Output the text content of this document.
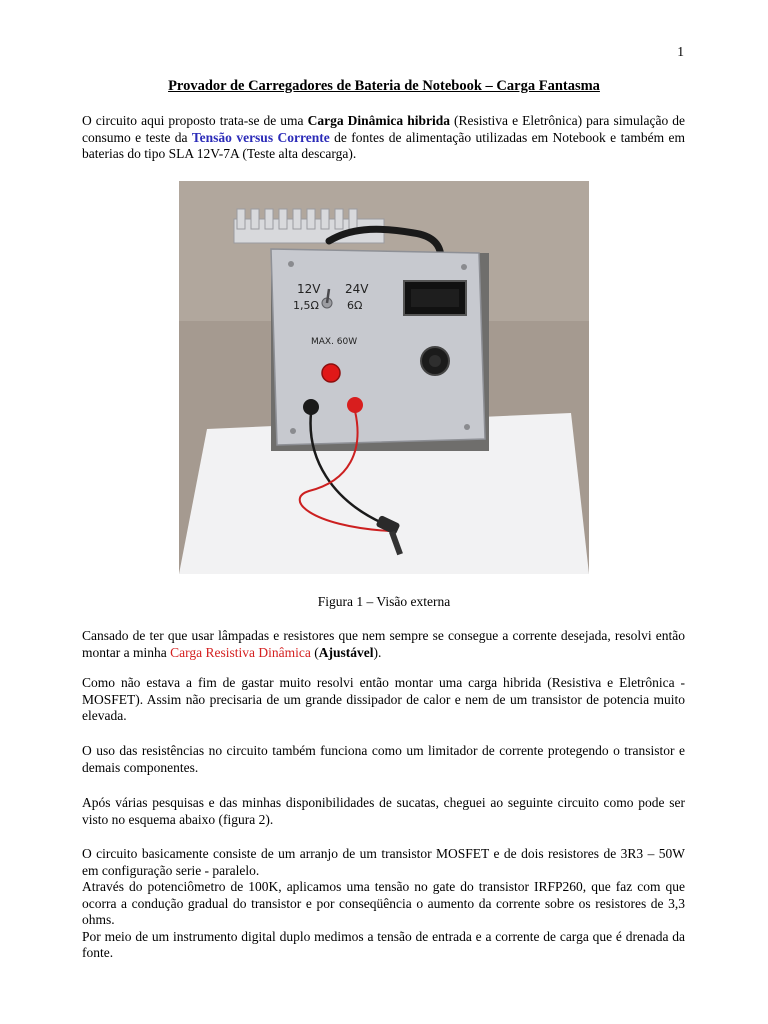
1
Provador de Carregadores de Bateria de Notebook – Carga Fantasma

O circuito aqui proposto trata-se de uma Carga Dinâmica hibrida (Resistiva e Eletrônica) para simulação de consumo e teste da Tensão versus Corrente de fontes de alimentação utilizadas em Notebook e também em baterias do tipo SLA 12V-7A (Teste alta descarga).

12V 24V
1,5Ω	6Ω
MAX. 60W
Figura 1 – Visão externa

Cansado de ter que usar lâmpadas e resistores que nem sempre se consegue a corrente desejada, resolvi então montar a minha Carga Resistiva Dinâmica (Ajustável).

Como não estava a fim de gastar muito resolvi então montar uma carga hibrida (Resistiva e Eletrônica - MOSFET). Assim não precisaria de um grande dissipador de calor e nem de um transistor de potencia muito elevada.

O uso das resistências no circuito também funciona como um limitador de corrente protegendo o transistor e demais componentes.

Após várias pesquisas e das minhas disponibilidades de sucatas, cheguei ao seguinte circuito como pode ser visto no esquema abaixo (figura 2).

O circuito basicamente consiste de um arranjo de um transistor MOSFET e de dois resistores de 3R3 – 50W em configuração serie - paralelo.
Através do potenciômetro de 100K, aplicamos uma tensão no gate do transistor IRFP260, que faz com que ocorra a condução gradual do transistor e por conseqüência o aumento da corrente sobre os resistores de 3,3 ohms.
Por meio de um instrumento digital duplo medimos a tensão de entrada e a corrente de carga que é drenada da fonte.
